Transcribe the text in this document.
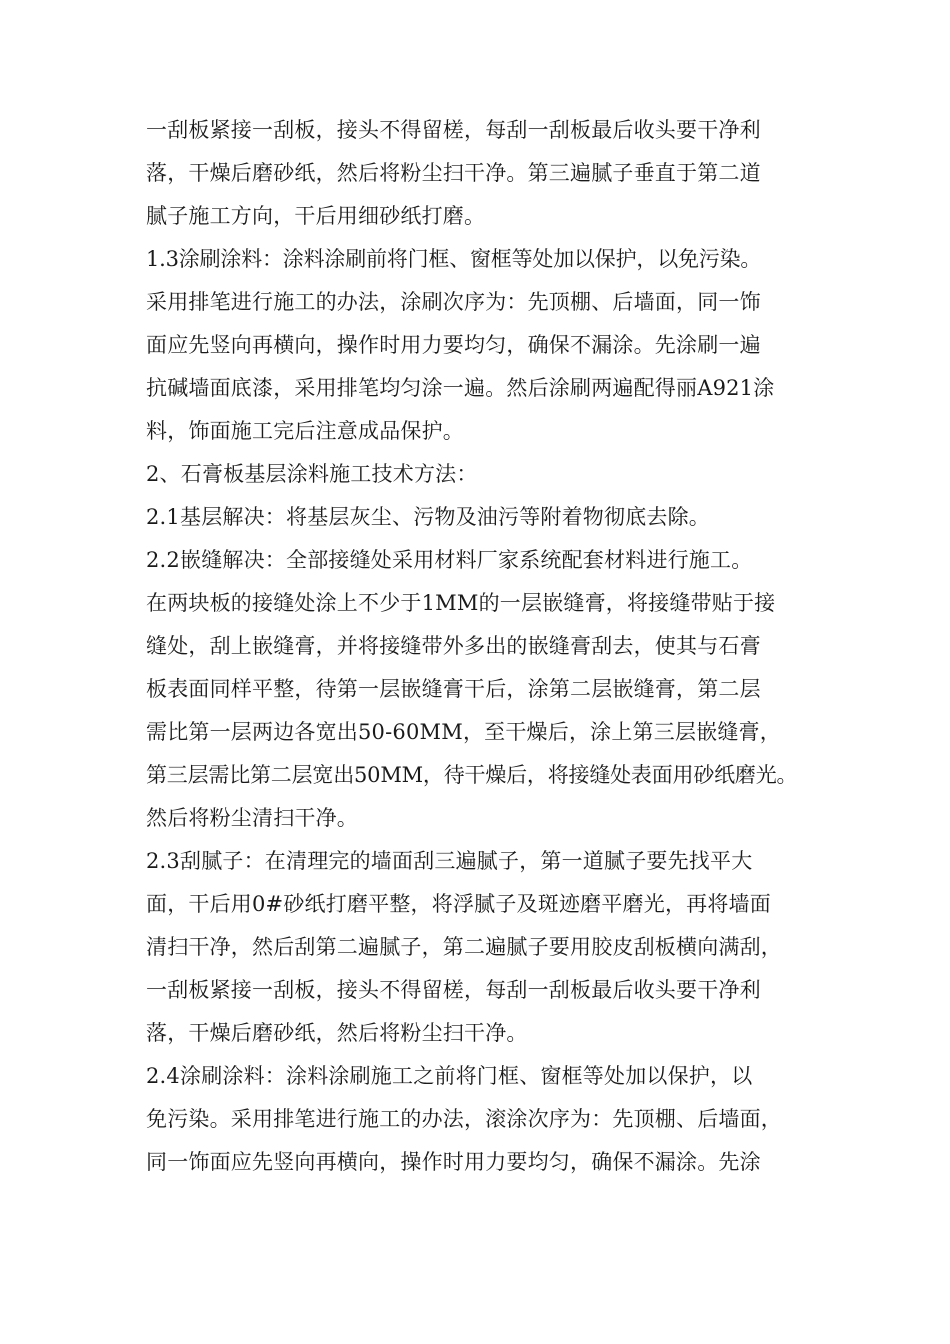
一刮板紧接一刮板，接头不得留槎，每刮一刮板最后收头要干净利
落，干燥后磨砂纸，然后将粉尘扫干净。第三遍腻子垂直于第二道
腻子施工方向，干后用细砂纸打磨。
1.3涂刷涂料：涂料涂刷前将门框、窗框等处加以保护，以免污染。
采用排笔进行施工的办法，涂刷次序为：先顶棚、后墙面，同一饰
面应先竖向再横向，操作时用力要均匀，确保不漏涂。先涂刷一遍
抗碱墙面底漆，采用排笔均匀涂一遍。然后涂刷两遍配得丽A921涂
料，饰面施工完后注意成品保护。
2、石膏板基层涂料施工技术方法：
2.1基层解决：将基层灰尘、污物及油污等附着物彻底去除。
2.2嵌缝解决：全部接缝处采用材料厂家系统配套材料进行施工。
在两块板的接缝处涂上不少于1MM的一层嵌缝膏，将接缝带贴于接
缝处，刮上嵌缝膏，并将接缝带外多出的嵌缝膏刮去，使其与石膏
板表面同样平整，待第一层嵌缝膏干后，涂第二层嵌缝膏，第二层
需比第一层两边各宽出50-60MM，至干燥后，涂上第三层嵌缝膏，
第三层需比第二层宽出50MM，待干燥后，将接缝处表面用砂纸磨光。
然后将粉尘清扫干净。
2.3刮腻子：在清理完的墙面刮三遍腻子，第一道腻子要先找平大
面，干后用0#砂纸打磨平整，将浮腻子及斑迹磨平磨光，再将墙面
清扫干净，然后刮第二遍腻子，第二遍腻子要用胶皮刮板横向满刮，
一刮板紧接一刮板，接头不得留槎，每刮一刮板最后收头要干净利
落，干燥后磨砂纸，然后将粉尘扫干净。
2.4涂刷涂料：涂料涂刷施工之前将门框、窗框等处加以保护，以
免污染。采用排笔进行施工的办法，滚涂次序为：先顶棚、后墙面，
同一饰面应先竖向再横向，操作时用力要均匀，确保不漏涂。先涂
